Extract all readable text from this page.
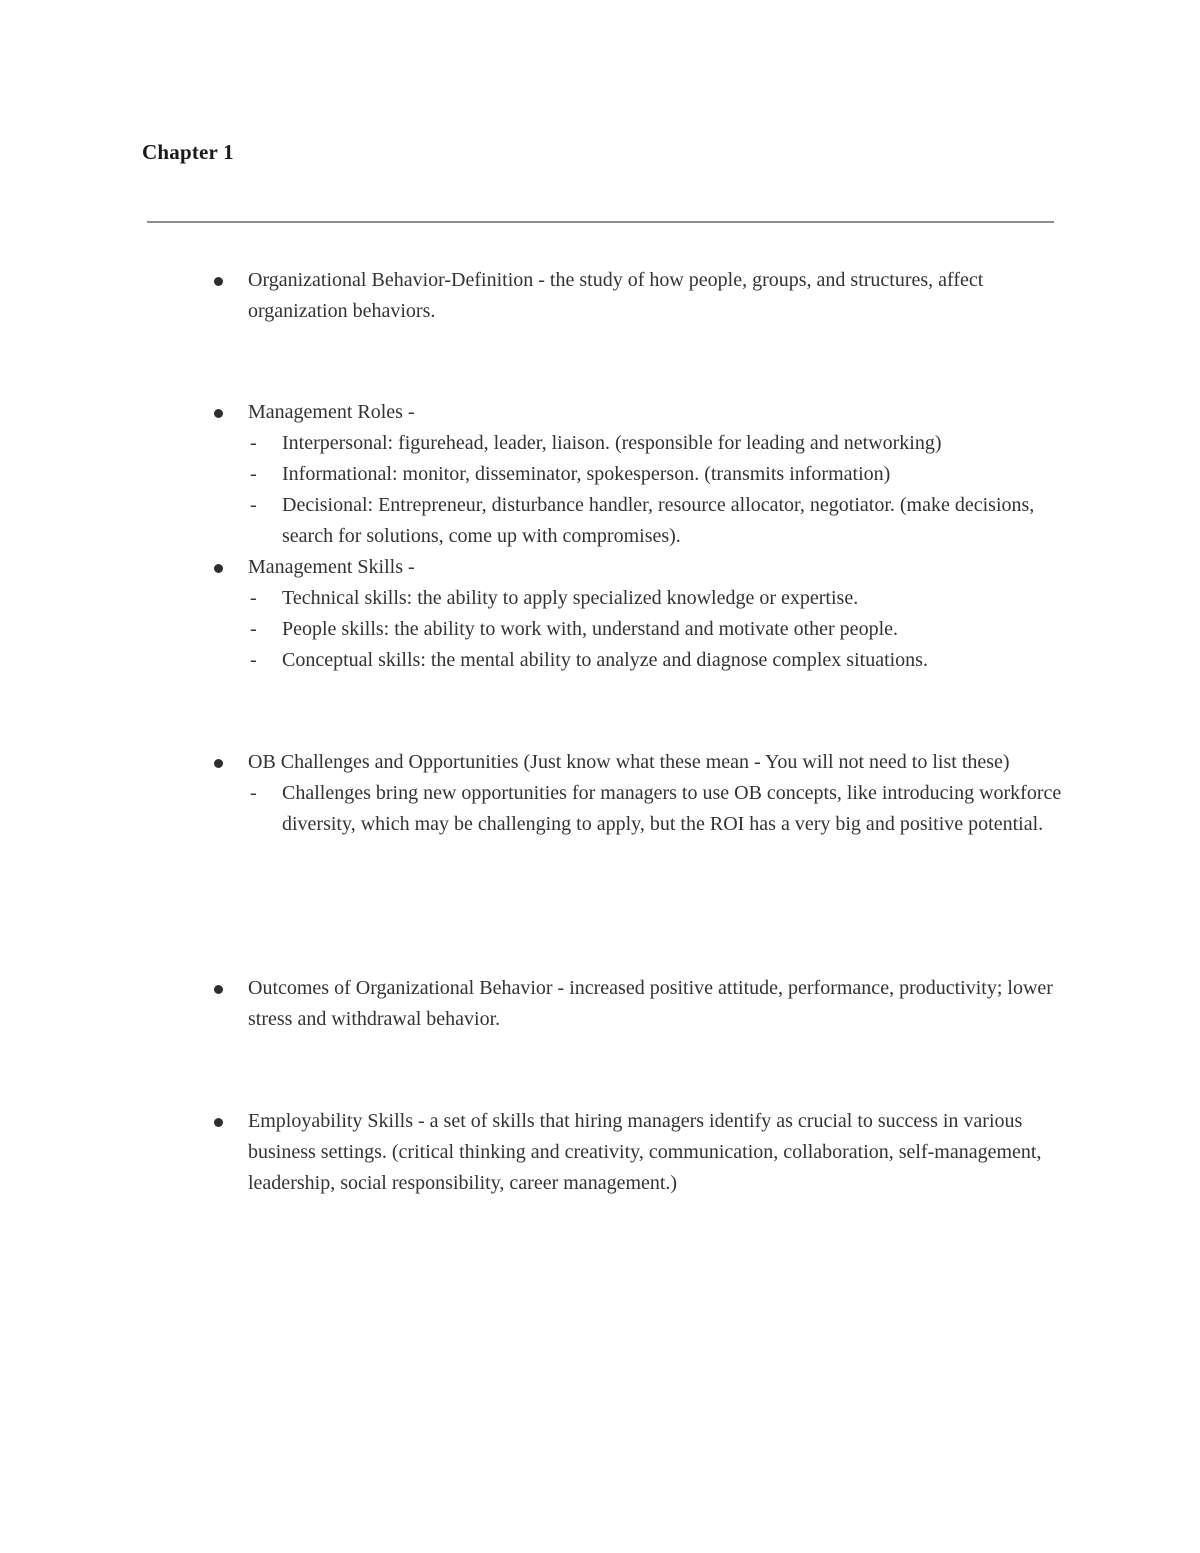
Chapter 1
Organizational Behavior-Definition - the study of how people, groups, and structures, affect organization behaviors.
Management Roles -
- Interpersonal: figurehead, leader, liaison. (responsible for leading and networking)
- Informational: monitor, disseminator, spokesperson. (transmits information)
- Decisional: Entrepreneur, disturbance handler, resource allocator, negotiator. (make decisions, search for solutions, come up with compromises).
Management Skills -
- Technical skills: the ability to apply specialized knowledge or expertise.
- People skills: the ability to work with, understand and motivate other people.
- Conceptual skills: the mental ability to analyze and diagnose complex situations.
OB Challenges and Opportunities (Just know what these mean - You will not need to list these)
- Challenges bring new opportunities for managers to use OB concepts, like introducing workforce diversity, which may be challenging to apply, but the ROI has a very big and positive potential.
Outcomes of Organizational Behavior - increased positive attitude, performance, productivity; lower stress and withdrawal behavior.
Employability Skills - a set of skills that hiring managers identify as crucial to success in various business settings. (critical thinking and creativity, communication, collaboration, self-management, leadership, social responsibility, career management.)
